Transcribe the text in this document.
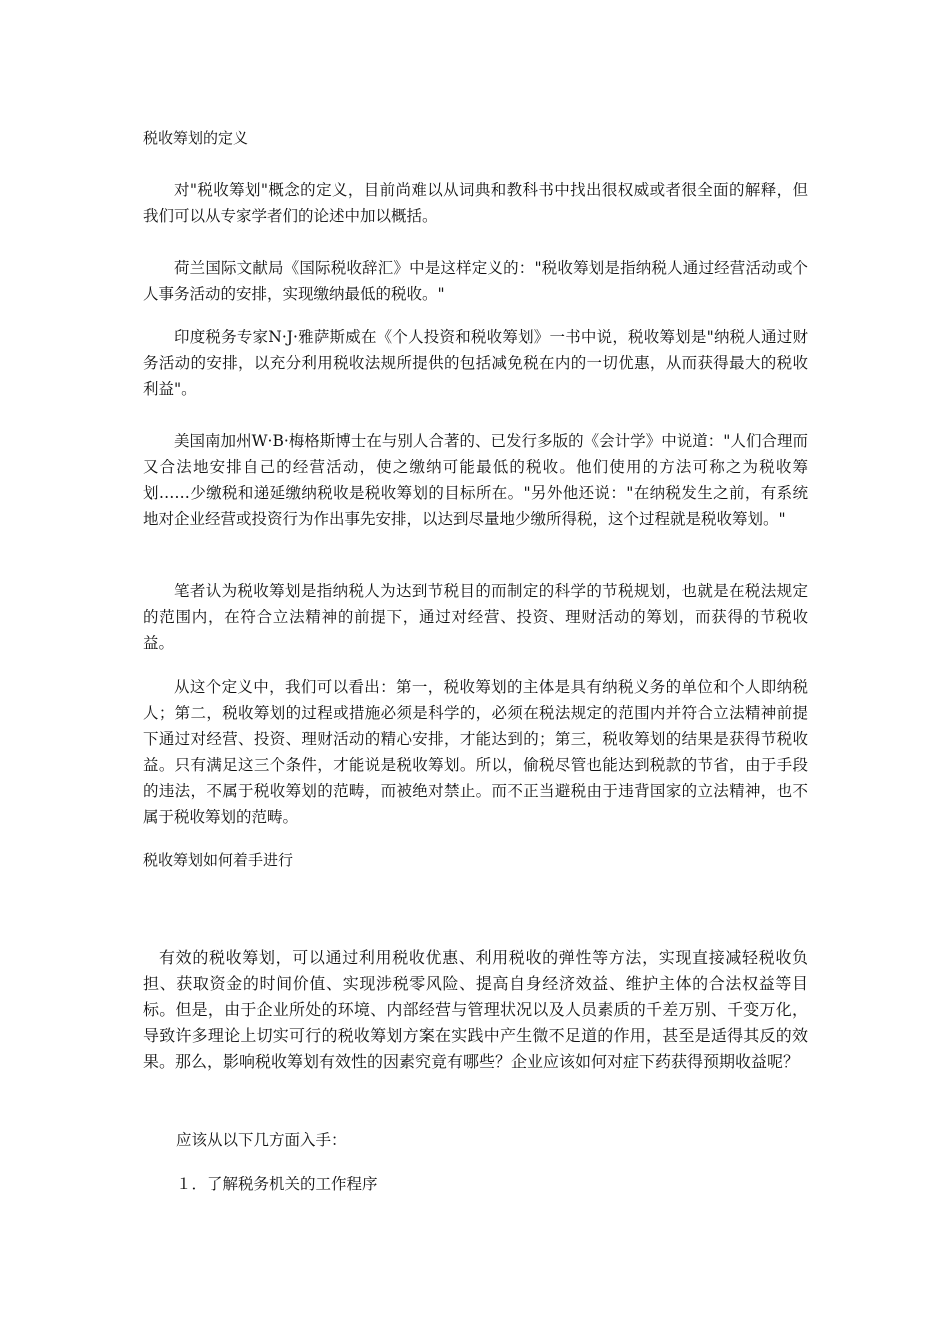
税收筹划的定义

对"税收筹划"概念的定义，目前尚难以从词典和教科书中找出很权威或者很全面的解释，但我们可以从专家学者们的论述中加以概括。

荷兰国际文献局《国际税收辞汇》中是这样定义的："税收筹划是指纳税人通过经营活动或个人事务活动的安排，实现缴纳最低的税收。"

印度税务专家N·J·雅萨斯威在《个人投资和税收筹划》一书中说，税收筹划是"纳税人通过财务活动的安排，以充分利用税收法规所提供的包括减免税在内的一切优惠，从而获得最大的税收利益"。

美国南加州W·B·梅格斯博士在与别人合著的、已发行多版的《会计学》中说道："人们合理而又合法地安排自己的经营活动，使之缴纳可能最低的税收。他们使用的方法可称之为税收筹划……少缴税和递延缴纳税收是税收筹划的目标所在。"另外他还说："在纳税发生之前，有系统地对企业经营或投资行为作出事先安排，以达到尽量地少缴所得税，这个过程就是税收筹划。"

笔者认为税收筹划是指纳税人为达到节税目的而制定的科学的节税规划，也就是在税法规定的范围内，在符合立法精神的前提下，通过对经营、投资、理财活动的筹划，而获得的节税收益。

从这个定义中，我们可以看出：第一，税收筹划的主体是具有纳税义务的单位和个人即纳税人；第二，税收筹划的过程或措施必须是科学的，必须在税法规定的范围内并符合立法精神前提下通过对经营、投资、理财活动的精心安排，才能达到的；第三，税收筹划的结果是获得节税收益。只有满足这三个条件，才能说是税收筹划。所以，偷税尽管也能达到税款的节省，由于手段的违法，不属于税收筹划的范畴，而被绝对禁止。而不正当避税由于违背国家的立法精神，也不属于税收筹划的范畴。

税收筹划如何着手进行

有效的税收筹划，可以通过利用税收优惠、利用税收的弹性等方法，实现直接减轻税收负担、获取资金的时间价值、实现涉税零风险、提高自身经济效益、维护主体的合法权益等目标。但是，由于企业所处的环境、内部经营与管理状况以及人员素质的千差万别、千变万化，导致许多理论上切实可行的税收筹划方案在实践中产生微不足道的作用，甚至是适得其反的效果。那么，影响税收筹划有效性的因素究竟有哪些？企业应该如何对症下药获得预期收益呢？

应该从以下几方面入手：
１．了解税务机关的工作程序
